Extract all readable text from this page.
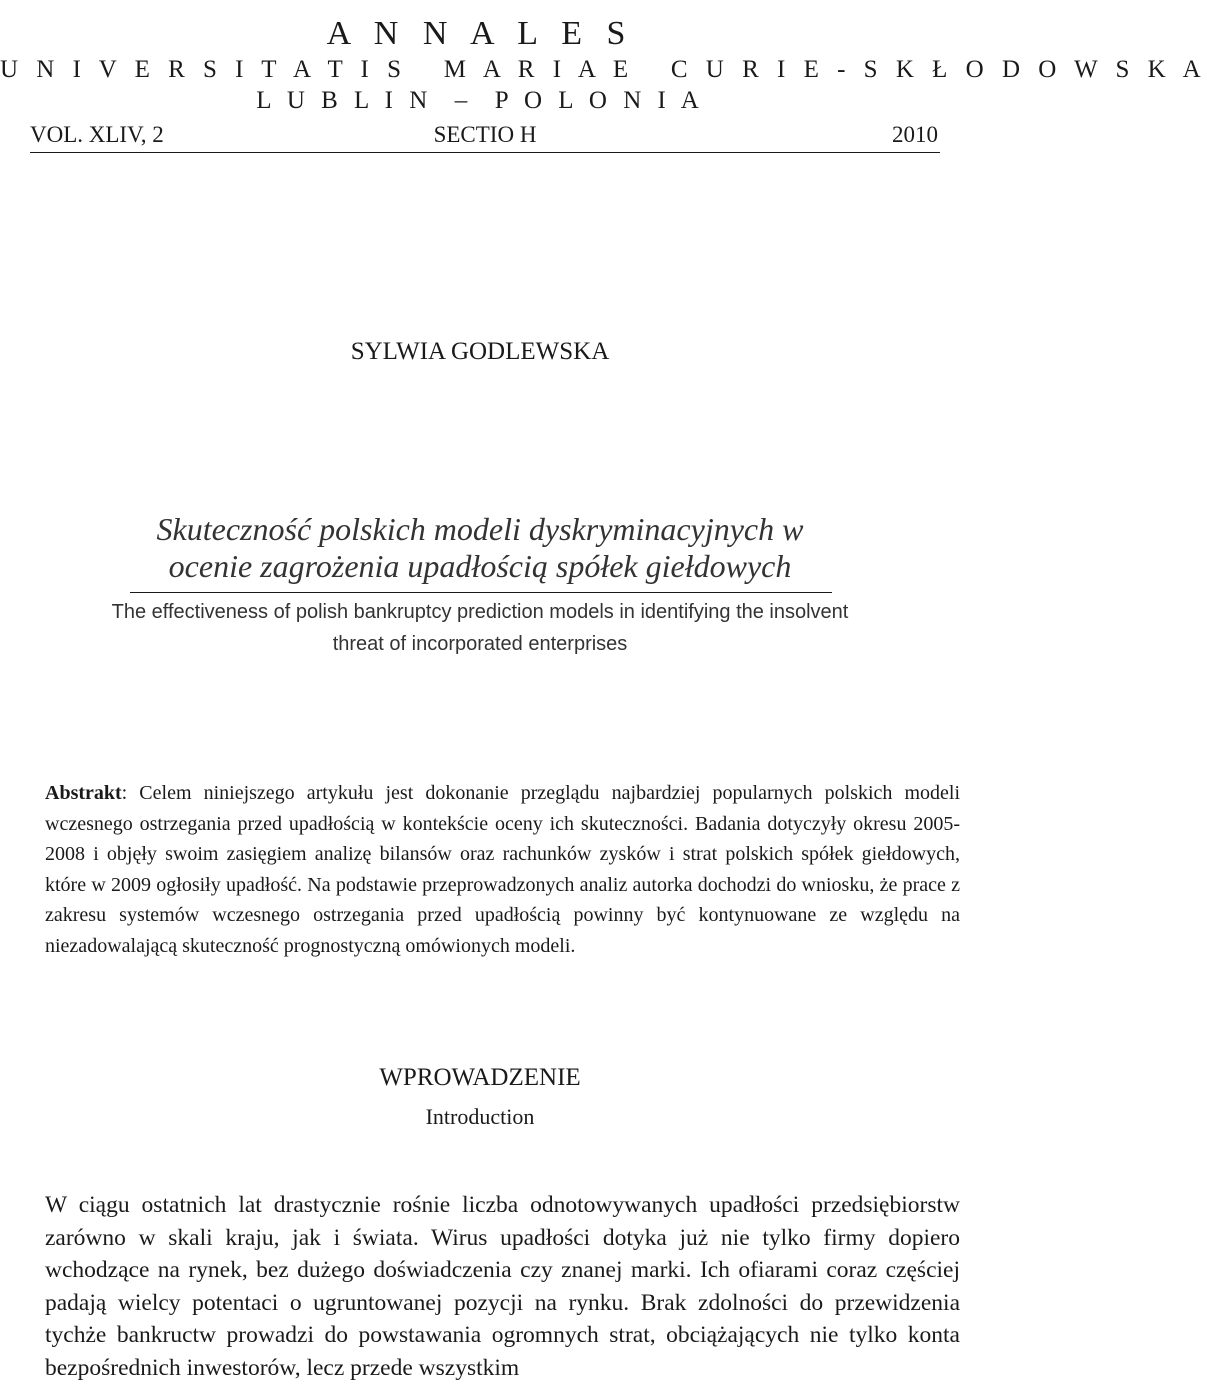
A N N A L E S
U N I V E R S I T A T I S   M A R I A E   C U R I E - S K Ł O D O W S K A
L U B L I N  –  P O L O N I A
SECTIO H
VOL. XLIV, 2	2010
SYLWIA GODLEWSKA
Skuteczność polskich modeli dyskryminacyjnych w ocenie zagrożenia upadłością spółek giełdowych
The effectiveness of polish bankruptcy prediction models in identifying the insolvent threat of incorporated enterprises
Abstrakt: Celem niniejszego artykułu jest dokonanie przeglądu najbardziej popularnych polskich modeli wczesnego ostrzegania przed upadłością w kontekście oceny ich skuteczności. Badania dotyczyły okresu 2005-2008 i objęły swoim zasięgiem analizę bilansów oraz rachunków zysków i strat polskich spółek giełdowych, które w 2009 ogłosiły upadłość. Na podstawie przeprowadzonych analiz autorka dochodzi do wniosku, że prace z zakresu systemów wczesnego ostrzegania przed upadłością powinny być kontynuowane ze względu na niezadowalającą skuteczność prognostyczną omówionych modeli.
WPROWADZENIE
Introduction
W ciągu ostatnich lat drastycznie rośnie liczba odnotowywanych upadłości przedsiębiorstw zarówno w skali kraju, jak i świata. Wirus upadłości dotyka już nie tylko firmy dopiero wchodzące na rynek, bez dużego doświadczenia czy znanej marki. Ich ofiarami coraz częściej padają wielcy potentaci o ugruntowanej pozycji na rynku. Brak zdolności do przewidzenia tychże bankructw prowadzi do powstawania ogromnych strat, obciążających nie tylko konta bezpośrednich inwestorów, lecz przede wszystkim
